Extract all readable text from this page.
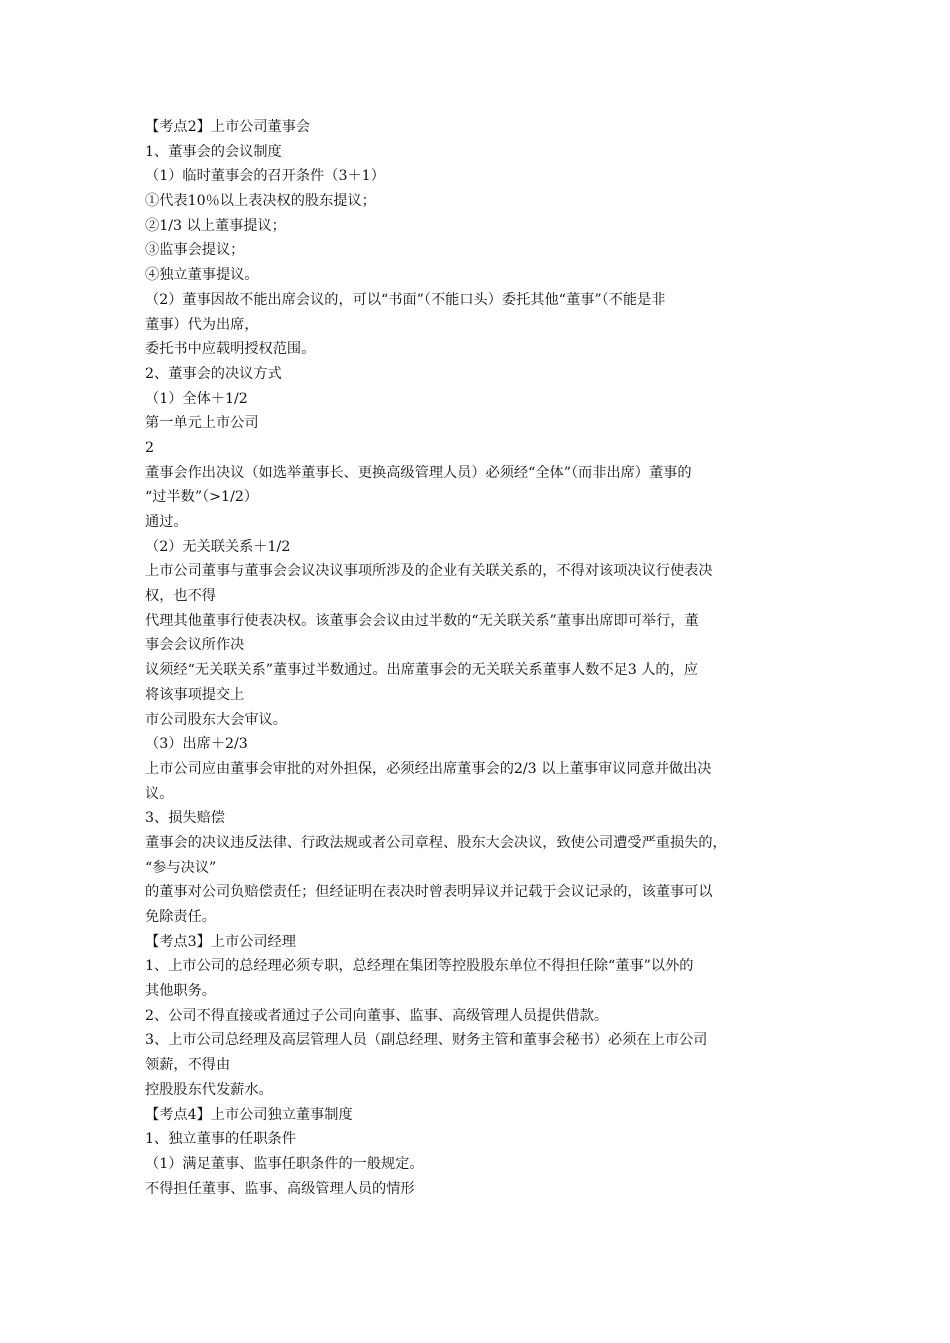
【考点2】上市公司董事会
1、董事会的会议制度
（1）临时董事会的召开条件（3＋1）
①代表10％以上表决权的股东提议；
②1/3 以上董事提议；
③监事会提议；
④独立董事提议。
（2）董事因故不能出席会议的，可以“书面”（不能口头）委托其他“董事”（不能是非
董事）代为出席，
委托书中应载明授权范围。
2、董事会的决议方式
（1）全体＋1/2
第一单元上市公司
2
董事会作出决议（如选举董事长、更换高级管理人员）必须经“全体”（而非出席）董事的
“过半数”（>1/2）
通过。
（2）无关联关系＋1/2
上市公司董事与董事会会议决议事项所涉及的企业有关联关系的，不得对该项决议行使表决
权，也不得
代理其他董事行使表决权。该董事会会议由过半数的“无关联关系”董事出席即可举行，董
事会会议所作决
议须经“无关联关系”董事过半数通过。出席董事会的无关联关系董事人数不足3 人的，应
将该事项提交上
市公司股东大会审议。
（3）出席＋2/3
上市公司应由董事会审批的对外担保，必须经出席董事会的2/3 以上董事审议同意并做出决
议。
3、损失赔偿
董事会的决议违反法律、行政法规或者公司章程、股东大会决议，致使公司遭受严重损失的，
“参与决议”
的董事对公司负赔偿责任；但经证明在表决时曾表明异议并记载于会议记录的，该董事可以
免除责任。
【考点3】上市公司经理
1、上市公司的总经理必须专职，总经理在集团等控股股东单位不得担任除“董事”以外的
其他职务。
2、公司不得直接或者通过子公司向董事、监事、高级管理人员提供借款。
3、上市公司总经理及高层管理人员（副总经理、财务主管和董事会秘书）必须在上市公司
领薪，不得由
控股股东代发薪水。
【考点4】上市公司独立董事制度
1、独立董事的任职条件
（1）满足董事、监事任职条件的一般规定。
不得担任董事、监事、高级管理人员的情形
